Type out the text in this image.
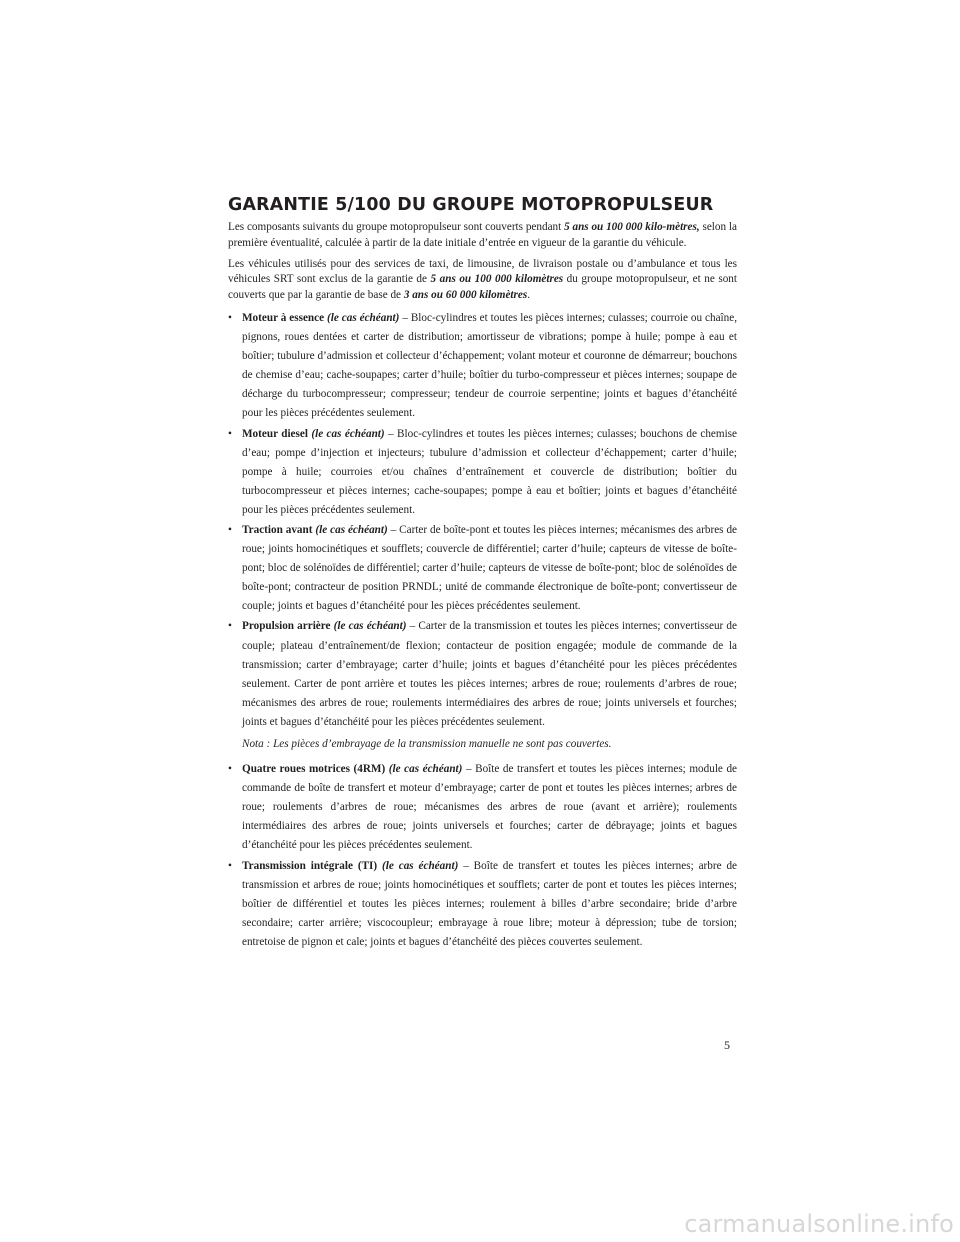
GARANTIE 5/100 DU GROUPE MOTOPROPULSEUR

Les composants suivants du groupe motopropulseur sont couverts pendant 5 ans ou 100 000 kilo-mètres, selon la première éventualité, calculée à partir de la date initiale d’entrée en vigueur de la garantie du véhicule.

Les véhicules utilisés pour des services de taxi, de limousine, de livraison postale ou d’ambulance et tous les véhicules SRT sont exclus de la garantie de 5 ans ou 100 000 kilomètres du groupe motopropulseur, et ne sont couverts que par la garantie de base de 3 ans ou 60 000 kilomètres.

• Moteur à essence (le cas échéant) – Bloc-cylindres et toutes les pièces internes; culasses; courroie ou chaîne, pignons, roues dentées et carter de distribution; amortisseur de vibrations; pompe à huile; pompe à eau et boîtier; tubulure d’admission et collecteur d’échappement; volant moteur et couronne de démarreur; bouchons de chemise d’eau; cache-soupapes; carter d’huile; boîtier du turbo-compresseur et pièces internes; soupape de décharge du turbocompresseur; compresseur; tendeur de courroie serpentine; joints et bagues d’étanchéité pour les pièces précédentes seulement.
• Moteur diesel (le cas échéant) – Bloc-cylindres et toutes les pièces internes; culasses; bouchons de chemise d’eau; pompe d’injection et injecteurs; tubulure d’admission et collecteur d’échappement; carter d’huile; pompe à huile; courroies et/ou chaînes d’entraînement et couvercle de distribution; boîtier du turbocompresseur et pièces internes; cache-soupapes; pompe à eau et boîtier; joints et bagues d’étanchéité pour les pièces précédentes seulement.
• Traction avant (le cas échéant) – Carter de boîte-pont et toutes les pièces internes; mécanismes des arbres de roue; joints homocinétiques et soufflets; couvercle de différentiel; carter d’huile; capteurs de vitesse de boîte-pont; bloc de solénoïdes de différentiel; carter d’huile; capteurs de vitesse de boîte-pont; bloc de solénoïdes de boîte-pont; contracteur de position PRNDL; unité de commande électronique de boîte-pont; convertisseur de couple; joints et bagues d’étanchéité pour les pièces précédentes seulement.
• Propulsion arrière (le cas échéant) – Carter de la transmission et toutes les pièces internes; convertisseur de couple; plateau d’entraînement/de flexion; contacteur de position engagée; module de commande de la transmission; carter d’embrayage; carter d’huile; joints et bagues d’étanchéité pour les pièces précédentes seulement. Carter de pont arrière et toutes les pièces internes; arbres de roue; roulements d’arbres de roue; mécanismes des arbres de roue; roulements intermédiaires des arbres de roue; joints universels et fourches; joints et bagues d’étanchéité pour les pièces précédentes seulement.

Nota : Les pièces d’embrayage de la transmission manuelle ne sont pas couvertes.

• Quatre roues motrices (4RM) (le cas échéant) – Boîte de transfert et toutes les pièces internes; module de commande de boîte de transfert et moteur d’embrayage; carter de pont et toutes les pièces internes; arbres de roue; roulements d’arbres de roue; mécanismes des arbres de roue (avant et arrière); roulements intermédiaires des arbres de roue; joints universels et fourches; carter de débrayage; joints et bagues d’étanchéité pour les pièces précédentes seulement.
• Transmission intégrale (TI) (le cas échéant) – Boîte de transfert et toutes les pièces internes; arbre de transmission et arbres de roue; joints homocinétiques et soufflets; carter de pont et toutes les pièces internes; boîtier de différentiel et toutes les pièces internes; roulement à billes d’arbre secondaire; bride d’arbre secondaire; carter arrière; viscocoupleur; embrayage à roue libre; moteur à dépression; tube de torsion; entretoise de pignon et cale; joints et bagues d’étanchéité des pièces couvertes seulement.
5
carmanualsonline.info
